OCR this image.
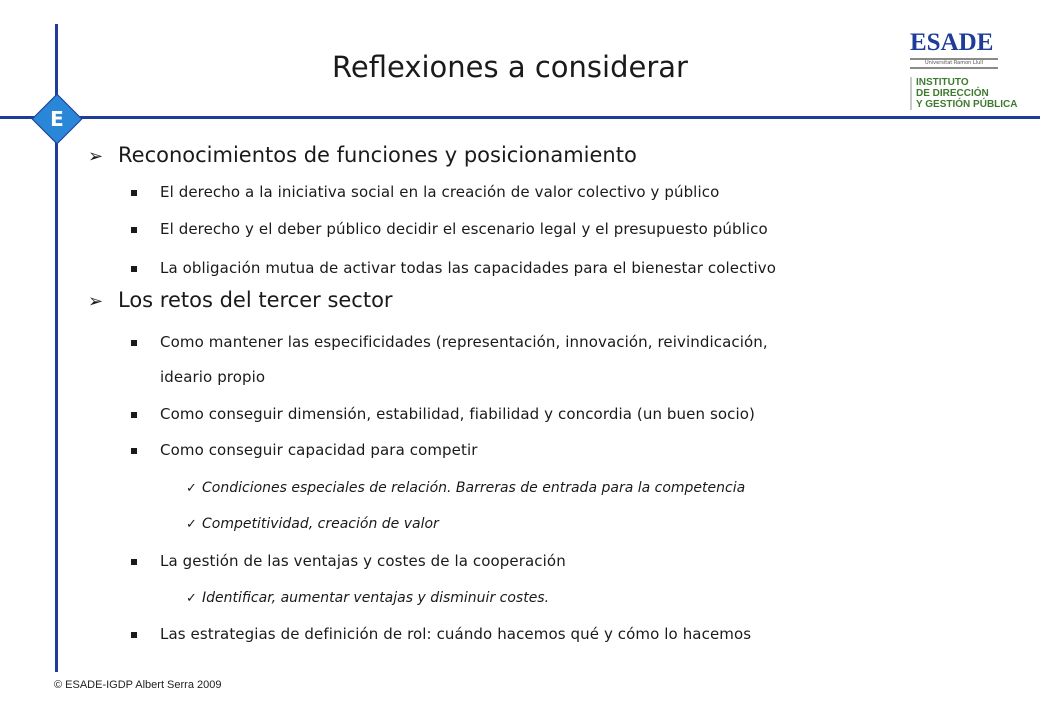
E
Reflexiones a considerar
ESADE
Universitat Ramon Llull
INSTITUTO
DE DIRECCIÓN
Y GESTIÓN PÚBLICA
➢ Reconocimientos de funciones y posicionamiento
El derecho a la iniciativa social en la creación de valor colectivo y público
El derecho y el deber público decidir el escenario legal y el presupuesto público
La obligación mutua de activar todas las capacidades para el bienestar colectivo
➢ Los retos del tercer sector
Como mantener las especificidades (representación, innovación, reivindicación,
ideario propio
Como conseguir dimensión, estabilidad, fiabilidad y concordia (un buen socio)
Como conseguir capacidad para competir
✓ Condiciones especiales de relación. Barreras de entrada para la competencia
✓ Competitividad, creación de valor
La gestión de las ventajas y costes de la cooperación
✓ Identificar, aumentar ventajas y disminuir costes.
Las estrategias de definición de rol: cuándo hacemos qué y cómo lo hacemos
© ESADE-IGDP Albert Serra 2009
